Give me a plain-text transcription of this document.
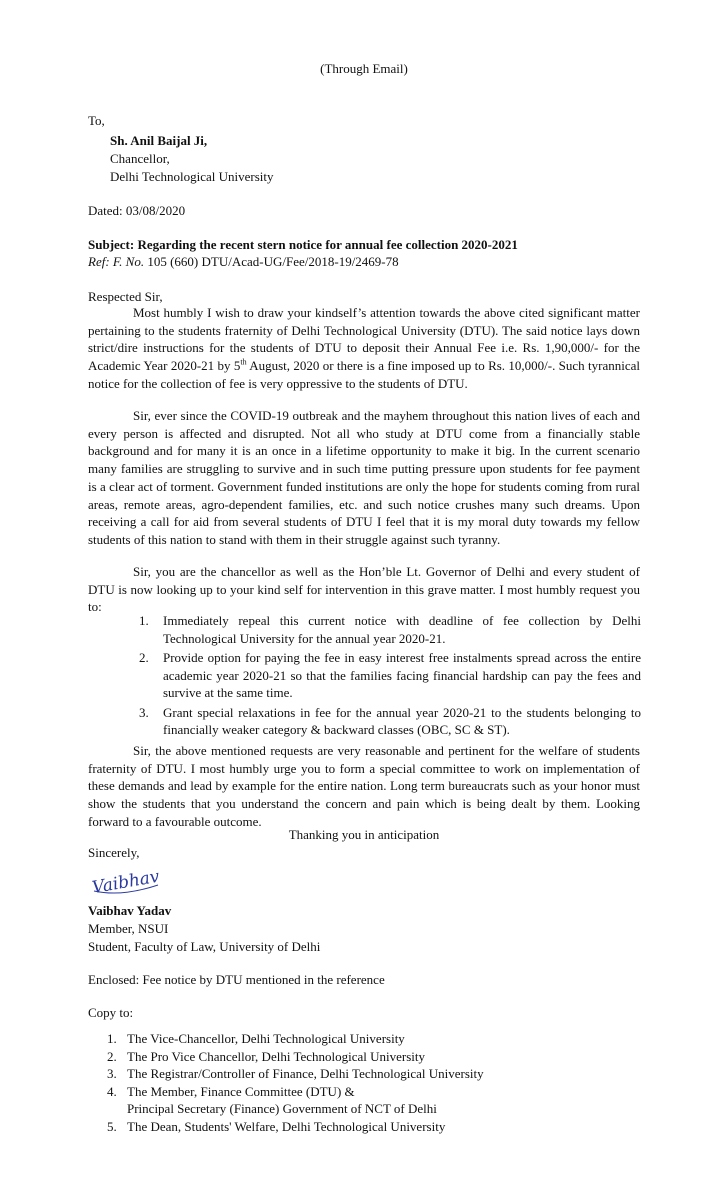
(Through Email)
To,
Sh. Anil Baijal Ji,
Chancellor,
Delhi Technological University
Dated: 03/08/2020
Subject: Regarding the recent stern notice for annual fee collection 2020-2021
Ref: F. No. 105 (660) DTU/Acad-UG/Fee/2018-19/2469-78
Respected Sir,

Most humbly I wish to draw your kindself’s attention towards the above cited significant matter pertaining to the students fraternity of Delhi Technological University (DTU). The said notice lays down strict/dire instructions for the students of DTU to deposit their Annual Fee i.e. Rs. 1,90,000/- for the Academic Year 2020-21 by 5th August, 2020 or there is a fine imposed up to Rs. 10,000/-. Such tyrannical notice for the collection of fee is very oppressive to the students of DTU.

Sir, ever since the COVID-19 outbreak and the mayhem throughout this nation lives of each and every person is affected and disrupted. Not all who study at DTU come from a financially stable background and for many it is an once in a lifetime opportunity to make it big. In the current scenario many families are struggling to survive and in such time putting pressure upon students for fee payment is a clear act of torment. Government funded institutions are only the hope for students coming from rural areas, remote areas, agro-dependent families, etc. and such notice crushes many such dreams. Upon receiving a call for aid from several students of DTU I feel that it is my moral duty towards my fellow students of this nation to stand with them in their struggle against such tyranny.

Sir, you are the chancellor as well as the Hon’ble Lt. Governor of Delhi and every student of DTU is now looking up to your kind self for intervention in this grave matter. I most humbly request you to:

1. Immediately repeal this current notice with deadline of fee collection by Delhi Technological University for the annual year 2020-21.
2. Provide option for paying the fee in easy interest free instalments spread across the entire academic year 2020-21 so that the families facing financial hardship can pay the fees and survive at the same time.
3. Grant special relaxations in fee for the annual year 2020-21 to the students belonging to financially weaker category & backward classes (OBC, SC & ST).

Sir, the above mentioned requests are very reasonable and pertinent for the welfare of students fraternity of DTU. I most humbly urge you to form a special committee to work on implementation of these demands and lead by example for the entire nation. Long term bureaucrats such as your honor must show the students that you understand the concern and pain which is being dealt by them. Looking forward to a favourable outcome.

Thanking you in anticipation
Sincerely,
Vaibhav
Vaibhav Yadav
Member, NSUI
Student, Faculty of Law, University of Delhi
Enclosed: Fee notice by DTU mentioned in the reference
Copy to:
1. The Vice-Chancellor, Delhi Technological University
2. The Pro Vice Chancellor, Delhi Technological University
3. The Registrar/Controller of Finance, Delhi Technological University
4. The Member, Finance Committee (DTU) &
Principal Secretary (Finance) Government of NCT of Delhi
5. The Dean, Students' Welfare, Delhi Technological University
